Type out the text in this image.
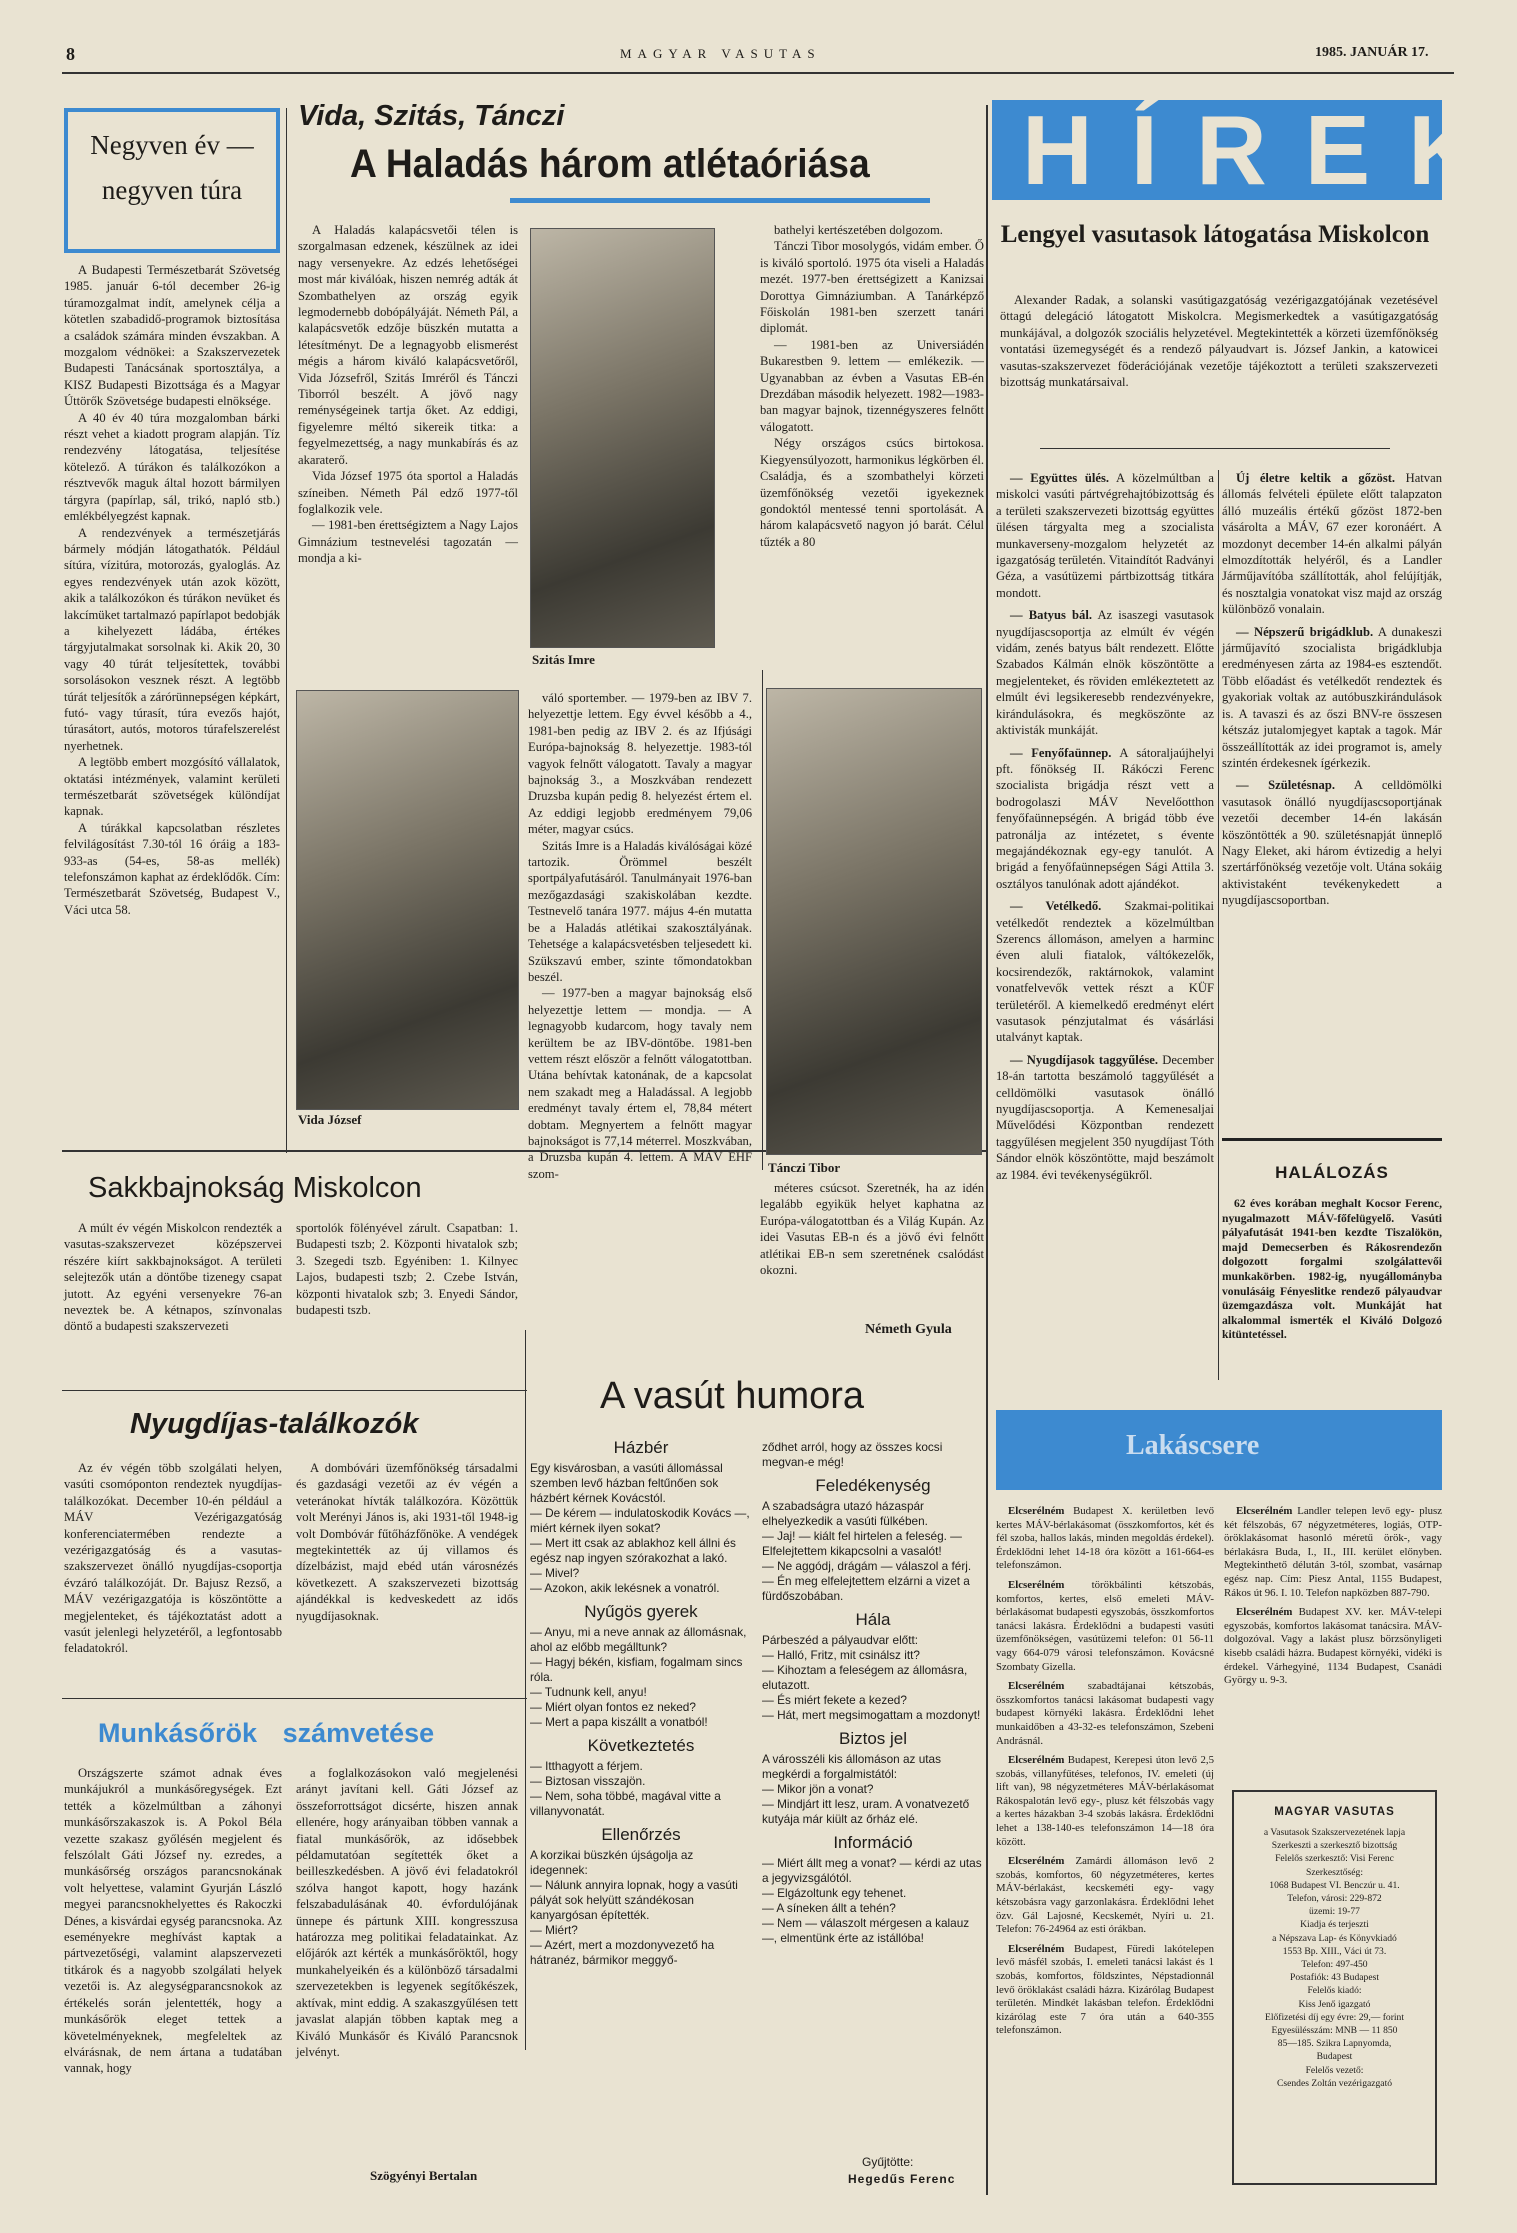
8	MAGYAR VASUTAS	1985. JANUÁR 17.
Negyven év —
negyven túra

A Budapesti Természetbarát Szövetség 1985. január 6-tól december 26-ig túramozgalmat indít, amelynek célja a kötetlen szabadidő-programok biztosítása a családok számára minden évszakban. A mozgalom védnökei: a Szakszervezetek Budapesti Tanácsának sportosztálya, a KISZ Budapesti Bizottsága és a Magyar Úttörők Szövetsége budapesti elnöksége.

A 40 év 40 túra mozgalomban bárki részt vehet a kiadott program alapján. Tíz rendezvény látogatása, teljesítése kötelező. A túrákon és találkozókon a résztvevők maguk által hozott bármilyen tárgyra (papírlap, sál, trikó, napló stb.) emlékbélyegzést kapnak.

A rendezvények a természetjárás bármely módján látogathatók. Például sítúra, vízitúra, motorozás, gyaloglás. Az egyes rendezvények után azok között, akik a találkozókon és túrákon nevüket és lakcímüket tartalmazó papírlapot bedobják a kihelyezett ládába, értékes tárgyjutalmakat sorsolnak ki. Akik 20, 30 vagy 40 túrát teljesítettek, további sorsolásokon vesznek részt. A legtöbb túrát teljesítők a zárórünnepségen képkárt, futó- vagy túrasít, túra evezős hajót, túrasátort, autós, motoros túrafelszerelést nyerhetnek.

A legtöbb embert mozgósító vállalatok, oktatási intézmények, valamint kerületi természetbarát szövetségek különdíjat kapnak.

A túrákkal kapcsolatban részletes felvilágosítást 7.30-tól 16 óráig a 183-933-as (54-es, 58-as mellék) telefonszámon kaphat az érdeklődők. Cím: Természetbarát Szövetség, Budapest V., Váci utca 58.

Vida, Szitás, Tánczi
A Haladás három atlétaóriása

A Haladás kalapácsvetői télen is szorgalmasan edzenek, készülnek az idei nagy versenyekre. Az edzés lehetőségei most már kiválóak, hiszen nemrég adták át Szombathelyen az ország egyik legmodernebb dobópályáját. Németh Pál, a kalapácsvetők edzője büszkén mutatta a létesítményt. De a legnagyobb elismerést mégis a három kiváló kalapácsvetőről, Vida Józsefről, Szitás Imréről és Tánczi Tiborról beszélt. A jövő nagy reménységeinek tartja őket. Az eddigi, figyelemre méltó sikereik titka: a fegyelmezettség, a nagy munkabírás és az akaraterő.

Vida József 1975 óta sportol a Haladás színeiben. Németh Pál edző 1977-től foglalkozik vele.

— 1981-ben érettségiztem a Nagy Lajos Gimnázium testnevelési tagozatán — mondja a ki-

Szitás Imre

bathelyi kertészetében dolgozom.

Tánczi Tibor mosolygós, vidám ember. Ő is kiváló sportoló. 1975 óta viseli a Haladás mezét. 1977-ben érettségizett a Kanizsai Dorottya Gimnáziumban. A Tanárképző Főiskolán 1981-ben szerzett tanári diplomát.

— 1981-ben az Universiádén Bukarestben 9. lettem — emlékezik. — Ugyanabban az évben a Vasutas EB-én Drezdában második helyezett. 1982—1983-ban magyar bajnok, tizennégyszeres felnőtt válogatott.

Négy országos csúcs birtokosa. Kiegyensúlyozott, harmonikus légkörben él. Családja, és a szombathelyi körzeti üzemfőnökség vezetői igyekeznek gondoktól mentessé tenni sportolását. A három kalapácsvető nagyon jó barát. Célul tűzték a 80

Vida József

váló sportember. — 1979-ben az IBV 7. helyezettje lettem. Egy évvel később a 4., 1981-ben pedig az IBV 2. és az Ifjúsági Európa-bajnokság 8. helyezettje. 1983-tól vagyok felnőtt válogatott. Tavaly a magyar bajnokság 3., a Moszkvában rendezett Druzsba kupán pedig 8. helyezést értem el. Az eddigi legjobb eredményem 79,06 méter, magyar csúcs.

Szitás Imre is a Haladás kiválóságai közé tartozik. Örömmel beszélt sportpályafutásáról. Tanulmányait 1976-ban mezőgazdasági szakiskolában kezdte. Testnevelő tanára 1977. május 4-én mutatta be a Haladás atlétikai szakosztályának. Tehetsége a kalapácsvetésben teljesedett ki. Szükszavú ember, szinte tőmondatokban beszél.

— 1977-ben a magyar bajnokság első helyezettje lettem — mondja. — A legnagyobb kudarcom, hogy tavaly nem kerültem be az IBV-döntőbe. 1981-ben vettem részt először a felnőtt válogatottban. Utána behívtak katonának, de a kapcsolat nem szakadt meg a Haladással. A legjobb eredményt tavaly értem el, 78,84 métert dobtam. Megnyertem a felnőtt magyar bajnokságot is 77,14 méterrel. Moszkvában, a Druzsba kupán 4. lettem. A MÁV EHF szom-	Tánczi Tibor

méteres csúcsot. Szeretnék, ha az idén legalább egyikük helyet kaphatna az Európa-válogatottban és a Világ Kupán. Az idei Vasutas EB-n és a jövő évi felnőtt atlétikai EB-n sem szeretnének csalódást okozni.

Németh Gyula
Sakkbajnokság Miskolcon

A múlt év végén Miskolcon rendezték a vasutas-szakszervezet középszervei részére kiírt sakkbajnokságot. A területi selejtezők után a döntőbe tizenegy csapat jutott. Az egyéni versenyekre 76-an neveztek be. A kétnapos, színvonalas döntő a budapesti szakszervezeti

sportolók fölényével zárult. Csapatban: 1. Budapesti tszb; 2. Központi hivatalok szb; 3. Szegedi tszb. Egyéniben: 1. Kilnyec Lajos, budapesti tszb; 2. Czebe István, központi hivatalok szb; 3. Enyedi Sándor, budapesti tszb.

Nyugdíjas-találkozók

Az év végén több szolgálati helyen, vasúti csomóponton rendeztek nyugdíjas-találkozókat. December 10-én például a MÁV Vezérigazgatóság konferenciatermében rendezte a vezérigazgatóság és a vasutas-szakszervezet önálló nyugdíjas-csoportja évzáró találkozóját. Dr. Bajusz Rezső, a MÁV vezérigazgatója is köszöntötte a megjelenteket, és tájékoztatást adott a vasút jelenlegi helyzetéről, a legfontosabb feladatokról.

A dombóvári üzemfőnökség társadalmi és gazdasági vezetői az év végén a veteránokat hívták találkozóra. Közöttük volt Merényi János is, aki 1931-től 1948-ig volt Dombóvár fűtőházfőnöke. A vendégek megtekintették az új villamos és dízelbázist, majd ebéd után városnézés következett. A szakszervezeti bizottság ajándékkal is kedveskedett az idős nyugdíjasoknak.

Munkásőrök számvetése

Országszerte számot adnak éves munkájukról a munkásőregységek. Ezt tették a közelmúltban a záhonyi munkásőrszakaszok is. A Pokol Béla vezette szakasz győlésén megjelent és felszólalt Gáti József ny. ezredes, a munkásőrség országos parancsnokának volt helyettese, valamint Gyurján László megyei parancsnokhelyettes és Rakoczki Dénes, a kisvárdai egység parancsnoka. Az eseményekre meghívást kaptak a pártvezetőségi, valamint alapszervezeti titkárok és a nagyobb szolgálati helyek vezetői is. Az alegységparancsnokok az értékelés során jelentették, hogy a munkásőrök eleget tettek a követelményeknek, megfeleltek az elvárásnak, de nem ártana a tudatában vannak, hogy

a foglalkozásokon való megjelenési arányt javítani kell. Gáti József az összeforrottságot dicsérte, hiszen annak ellenére, hogy arányaiban többen vannak a fiatal munkásőrök, az idősebbek példamutatóan segítették őket a beilleszkedésben. A jövő évi feladatokról szólva hangot kapott, hogy hazánk felszabadulásának 40. évfordulójának ünnepe és pártunk XIII. kongresszusa határozza meg politikai feladatainkat. Az előjárók azt kérték a munkásőröktől, hogy munkahelyeikén és a különböző társadalmi szervezetekben is legyenek segítőkészek, aktívak, mint eddig. A szakaszgyűlésen tett javaslat alapján többen kaptak meg a Kiváló Munkásőr és Kiváló Parancsnok jelvényt.

Szögyényi Bertalan
A vasút humora
Házbér
Egy kisvárosban, a vasúti állomással szemben levő házban feltűnően sok házbért kérnek Kovácstól.
— De kérem — indulatoskodik Kovács —, miért kérnek ilyen sokat?
— Mert itt csak az ablakhoz kell állni és egész nap ingyen szórakozhat a lakó.
— Mivel?
— Azokon, akik lekésnek a vonatról.
Nyűgös gyerek
— Anyu, mi a neve annak az állomásnak, ahol az előbb megálltunk?
— Hagyj békén, kisfiam, fogalmam sincs róla.
— Tudnunk kell, anyu!
— Miért olyan fontos ez neked?
— Mert a papa kiszállt a vonatból!
Következtetés
— Itthagyott a férjem.
— Biztosan visszajön.
— Nem, soha többé, magával vitte a villanyvonatát.
Ellenőrzés
A korzikai büszkén újságolja az idegennek:
— Nálunk annyira lopnak, hogy a vasúti pályát sok helyütt szándékosan kanyargósan építették.
— Miért?
— Azért, mert a mozdonyvezető ha hátranéz, bármikor meggyő-
ződhet arról, hogy az összes kocsi megvan-e még!
Feledékenység
A szabadságra utazó házaspár elhelyezkedik a vasúti fülkében.
— Jaj! — kiált fel hirtelen a feleség. — Elfelejtettem kikapcsolni a vasalót!
— Ne aggódj, drágám — válaszol a férj. — Én meg elfelejtettem elzárni a vizet a fürdőszobában.
Hála
Párbeszéd a pályaudvar előtt:
— Halló, Fritz, mit csinálsz itt?
— Kihoztam a feleségem az állomásra, elutazott.
— És miért fekete a kezed?
— Hát, mert megsimogattam a mozdonyt!
Biztos jel
A városszéli kis állomáson az utas megkérdi a forgalmistától:
— Mikor jön a vonat?
— Mindjárt itt lesz, uram. A vonatvezető kutyája már kiült az őrház elé.
Információ
— Miért állt meg a vonat? — kérdi az utas a jegyvizsgálótól.
— Elgázoltunk egy tehenet.
— A síneken állt a tehén?
— Nem — válaszolt mérgesen a kalauz —, elmentünk érte az istállóba!
Gyűjtötte:
Hegedűs Ferenc
HÍREK
Lengyel vasutasok látogatása Miskolcon

Alexander Radak, a solanski vasútigazgatóság vezérigazgatójának vezetésével öttagú delegáció látogatott Miskolcra. Megismerkedtek a vasútigazgatóság munkájával, a dolgozók szociális helyzetével. Megtekintették a körzeti üzemfőnökség vontatási üzemegységét és a rendező pályaudvart is. József Jankin, a katowicei vasutas-szakszervezet föderációjának vezetője tájékoztott a területi szakszervezeti bizottság munkatársaival.

— Együttes ülés. A közelmúltban a miskolci vasúti pártvégrehajtóbizottság és a területi szakszervezeti bizottság együttes ülésen tárgyalta meg a szocialista munkaverseny-mozgalom helyzetét az igazgatóság területén. Vitaindítót Radványi Géza, a vasútüzemi pártbizottság titkára mondott.

— Batyus bál. Az isaszegi vasutasok nyugdíjascsoportja az elmúlt év végén vidám, zenés batyus bált rendezett. Előtte Szabados Kálmán elnök köszöntötte a megjelenteket, és röviden emlékeztetett az elmúlt évi legsikeresebb rendezvényekre, kirándulásokra, és megköszönte az aktivisták munkáját.

— Fenyőfaünnep. A sátoraljaújhelyi pft. főnökség II. Rákóczi Ferenc szocialista brigádja részt vett a bodrogolaszi MÁV Nevelőotthon fenyőfaünnepségén. A brigád több éve patronálja az intézetet, s évente megajándékoznak egy-egy tanulót. A brigád a fenyőfaünnepségen Sági Attila 3. osztályos tanulónak adott ajándékot.

— Vetélkedő. Szakmai-politikai vetélkedőt rendeztek a közelmúltban Szerencs állomáson, amelyen a harminc éven aluli fiatalok, váltókezelők, kocsirendezők, raktárnokok, valamint vonatfelvevők vettek részt a KÜF területéről. A kiemelkedő eredményt elért vasutasok pénzjutalmat és vásárlási utalványt kaptak.

— Nyugdíjasok taggyűlése. December 18-án tartotta beszámoló taggyűlését a celldömölki vasutasok önálló nyugdíjascsoportja. A Kemenesaljai Művelődési Központban rendezett taggyűlésen megjelent 350 nyugdíjast Tóth Sándor elnök köszöntötte, majd beszámolt az 1984. évi tevékenységükről.

Új életre keltik a gőzöst. Hatvan állomás felvételi épülete előtt talapzaton álló muzeális értékű gőzöst 1872-ben vásárolta a MÁV, 67 ezer koronáért. A mozdonyt december 14-én alkalmi pályán elmozdították helyéről, és a Landler Járműjavítóba szállították, ahol felújítják, és nosztalgia vonatokat visz majd az ország különböző vonalain.

— Népszerű brigádklub. A dunakeszi járműjavító szocialista brigádklubja eredményesen zárta az 1984-es esztendőt. Több előadást és vetélkedőt rendeztek és gyakoriak voltak az autóbuszkirándulások is. A tavaszi és az őszi BNV-re összesen kétszáz jutalomjegyet kaptak a tagok. Már összeállították az idei programot is, amely szintén érdekesnek ígérkezik.

— Születésnap. A celldömölki vasutasok önálló nyugdíjascsoportjának vezetői december 14-én lakásán köszöntötték a 90. születésnapját ünneplő Nagy Eleket, aki három évtizedig a helyi szertárfőnökség vezetője volt. Utána sokáig aktivistaként tevékenykedett a nyugdíjascsoportban.

HALÁLOZÁS
62 éves korában meghalt Kocsor Ferenc, nyugalmazott MÁV-főfelügyelő. Vasúti pályafutását 1941-ben kezdte Tiszalökön, majd Demecserben és Rákosrendezőn dolgozott forgalmi szolgálattevői munkakörben. 1982-ig, nyugállományba vonulásáig Fényeslitke rendező pályaudvar üzemgazdásza volt. Munkáját hat alkalommal ismerték el Kiváló Dolgozó kitüntetéssel.
Lakáscsere

Elcserélném Budapest X. kerületben levő kertes MÁV-bérlakásomat (összkomfortos, két és fél szoba, hallos lakás, minden megoldás érdekel). Érdeklődni lehet 14-18 óra között a 161-664-es telefonszámon.

Elcserélném	törökbálinti kétszobás, komfortos, kertes, első emeleti MÁV-bérlakásomat budapesti egyszobás, összkomfortos tanácsi lakásra. Érdeklődni a budapesti vasúti üzemfőnökségen, vasútüzemi telefon: 01 56-11 vagy 664-079 városi telefonszámon. Kovácsné Szombaty Gizella.

Elcserélném szabadtájanai kétszobás, összkomfortos tanácsi lakásomat budapesti vagy budapest környéki lakásra. Érdeklődni lehet munkaidőben a 43-32-es telefonszámon, Szebeni Andrásnál.

Elcserélném Budapest, Kerepesi úton levő 2,5 szobás, villanyfűtéses, telefonos, IV. emeleti (új lift van), 98 négyzetméteres MÁV-bérlakásomat Rákospalotán levő egy-, plusz két félszobás vagy a kertes házakban 3-4 szobás lakásra. Érdeklődni lehet a 138-140-es telefonszámon 14—18 óra között.

Elcserélném Zamárdi állomáson levő 2 szobás, komfortos, 60 négyzetméteres, kertes MÁV-bérlakást, kecskeméti egy- vagy kétszobásra vagy garzonlakásra. Érdeklődni lehet özv. Gál Lajosné, Kecskemét, Nyíri u. 21. Telefon: 76-24964 az esti órákban.

Elcserélném Budapest, Füredi lakótelepen levő másfél szobás, I. emeleti tanácsi lakást és 1 szobás, komfortos, földszintes, Népstadionnál levő öröklakást családi házra. Kizárólag Budapest területén. Mindkét lakásban telefon. Érdeklődni kizárólag este 7 óra után a 640-355 telefonszámon.

Elcserélném Landler telepen levő egy- plusz két félszobás, 67 négyzetméteres, logiás, OTP-öröklakásomat hasonló méretű örök-, vagy bérlakásra Buda, I., II., III. kerület előnyben. Megtekinthető délután 3-tól, szombat, vasárnap egész nap. Cím: Piesz Antal, 1155 Budapest, Rákos út 96. I. 10. Telefon napközben 887-790.

Elcserélném Budapest XV. ker. MÁV-telepi egyszobás, komfortos lakásomat tanácsira. MÁV-dolgozóval. Vagy a lakást plusz börzsönyligeti kisebb családi házra. Budapest környéki, vidéki is érdekel. Várhegyiné, 1134 Budapest, Csanádi György u. 9-3.

MAGYAR VASUTAS
a Vasutasok Szakszervezetének lapja
Szerkeszti a szerkesztő bizottság
Felelős szerkesztő: Visi Ferenc
Szerkesztőség:
1068 Budapest VI. Benczúr u. 41.
Telefon, városi: 229-872
üzemi: 19-77
Kiadja és terjeszti
a Népszava Lap- és Könyvkiadó
1553 Bp. XIII., Váci út 73.
Telefon: 497-450
Postafiók: 43 Budapest
Felelős kiadó:
Kiss Jenő igazgató
Előfizetési díj egy évre: 29,— forint
Egyesülésszám: MNB — 11 850
85—185. Szikra Lapnyomda,
Budapest
Felelős vezető:
Csendes Zoltán vezérigazgató
